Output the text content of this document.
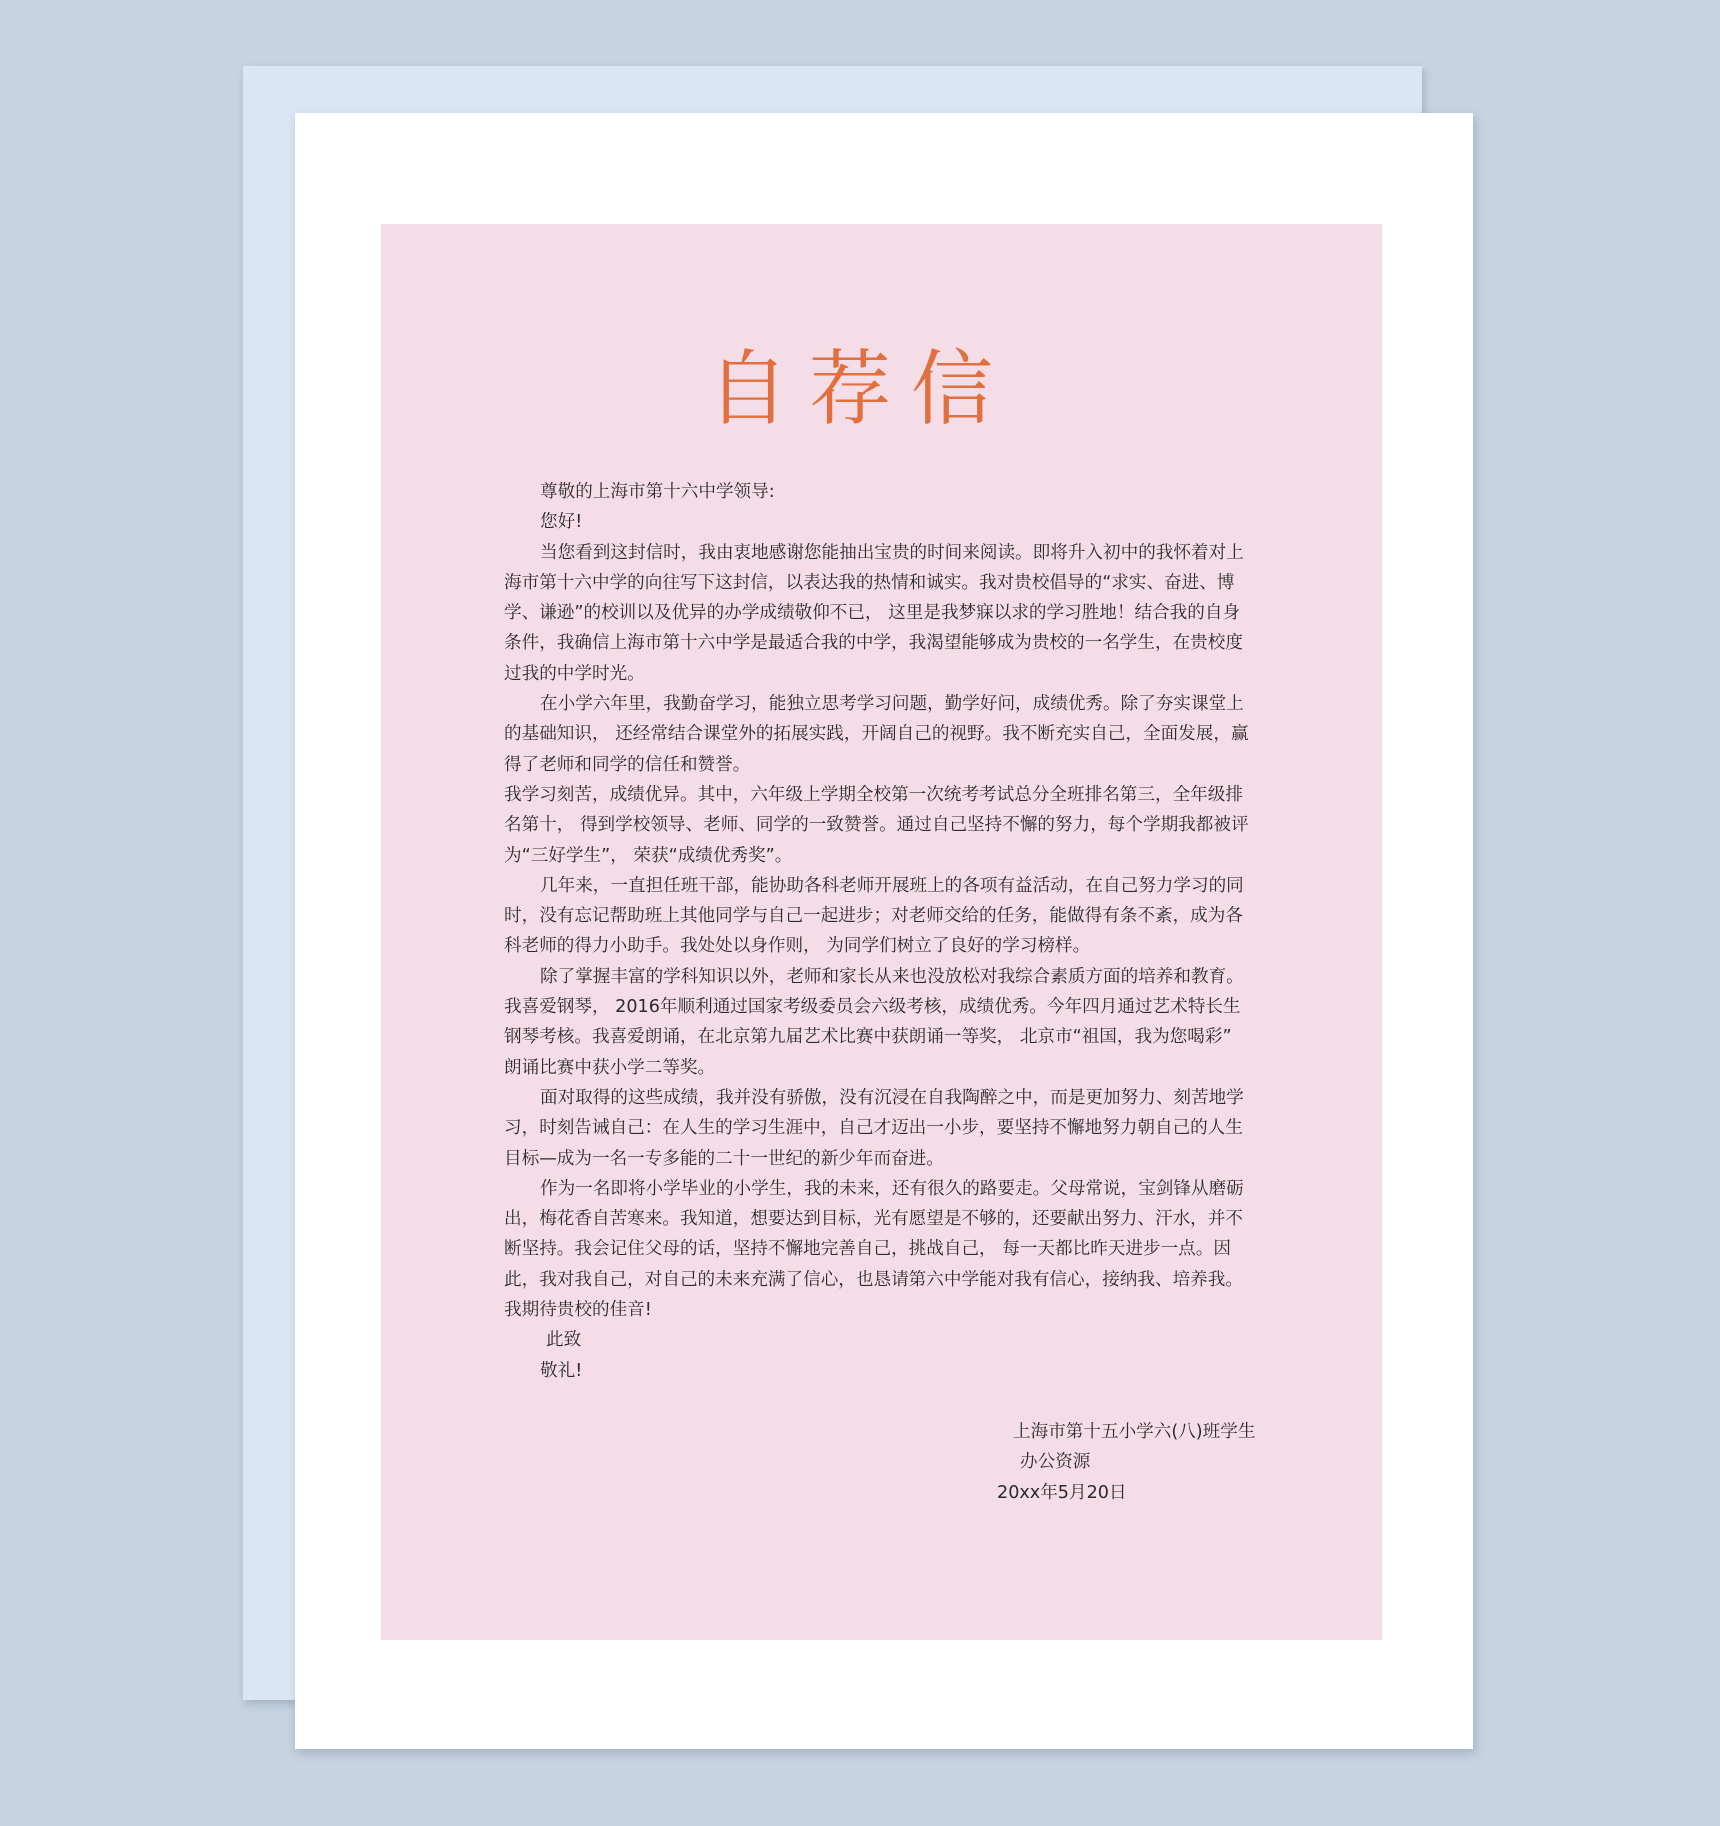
自荐信
尊敬的上海市第十六中学领导:
您好!
当您看到这封信时，我由衷地感谢您能抽出宝贵的时间来阅读。即将升入初中的我怀着对上
海市第十六中学的向往写下这封信，以表达我的热情和诚实。我对贵校倡导的“求实、奋进、博
学、谦逊”的校训以及优异的办学成绩敬仰不已， 这里是我梦寐以求的学习胜地！结合我的自身
条件，我确信上海市第十六中学是最适合我的中学，我渴望能够成为贵校的一名学生，在贵校度
过我的中学时光。
在小学六年里，我勤奋学习，能独立思考学习问题，勤学好问，成绩优秀。除了夯实课堂上
的基础知识， 还经常结合课堂外的拓展实践，开阔自己的视野。我不断充实自己，全面发展，赢
得了老师和同学的信任和赞誉。
我学习刻苦，成绩优异。其中，六年级上学期全校第一次统考考试总分全班排名第三，全年级排
名第十， 得到学校领导、老师、同学的一致赞誉。通过自己坚持不懈的努力，每个学期我都被评
为“三好学生”， 荣获“成绩优秀奖”。
几年来，一直担任班干部，能协助各科老师开展班上的各项有益活动，在自己努力学习的同
时，没有忘记帮助班上其他同学与自己一起进步；对老师交给的任务，能做得有条不紊，成为各
科老师的得力小助手。我处处以身作则， 为同学们树立了良好的学习榜样。
除了掌握丰富的学科知识以外，老师和家长从来也没放松对我综合素质方面的培养和教育。
我喜爱钢琴， 2016年顺利通过国家考级委员会六级考核，成绩优秀。今年四月通过艺术特长生
钢琴考核。我喜爱朗诵，在北京第九届艺术比赛中获朗诵一等奖， 北京市“祖国，我为您喝彩”
朗诵比赛中获小学二等奖。
面对取得的这些成绩，我并没有骄傲，没有沉浸在自我陶醉之中，而是更加努力、刻苦地学
习，时刻告诫自己：在人生的学习生涯中，自己才迈出一小步，要坚持不懈地努力朝自己的人生
目标—成为一名一专多能的二十一世纪的新少年而奋进。
作为一名即将小学毕业的小学生，我的未来，还有很久的路要走。父母常说，宝剑锋从磨砺
出，梅花香自苦寒来。我知道，想要达到目标，光有愿望是不够的，还要献出努力、汗水，并不
断坚持。我会记住父母的话，坚持不懈地完善自己，挑战自己， 每一天都比昨天进步一点。因
此，我对我自己，对自己的未来充满了信心，也恳请第六中学能对我有信心，接纳我、培养我。
我期待贵校的佳音!
此致
敬礼!
上海市第十五小学六(八)班学生
办公资源
20xx年5月20日
